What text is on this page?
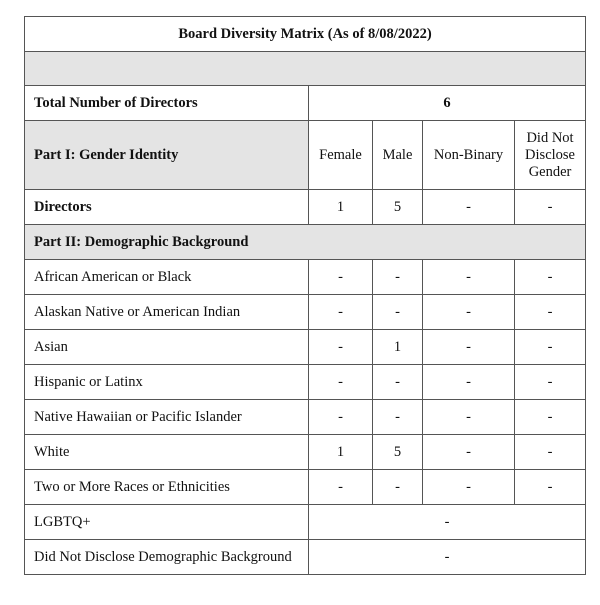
Board Diversity Matrix (As of 8/08/2022)				

Total Number of Directors	6			
Part I: Gender Identity	Female	Male	Non-Binary	Did Not Disclose Gender
Directors	1	5	-	-
Part II: Demographic Background				
African American or Black	-	-	-	-
Alaskan Native or American Indian	-	-	-	-
Asian	-	1	-	-
Hispanic or Latinx	-	-	-	-
Native Hawaiian or Pacific Islander	-	-	-	-
White	1	5	-	-
Two or More Races or Ethnicities	-	-	-	-
LGBTQ+	-			
Did Not Disclose Demographic Background	-			
